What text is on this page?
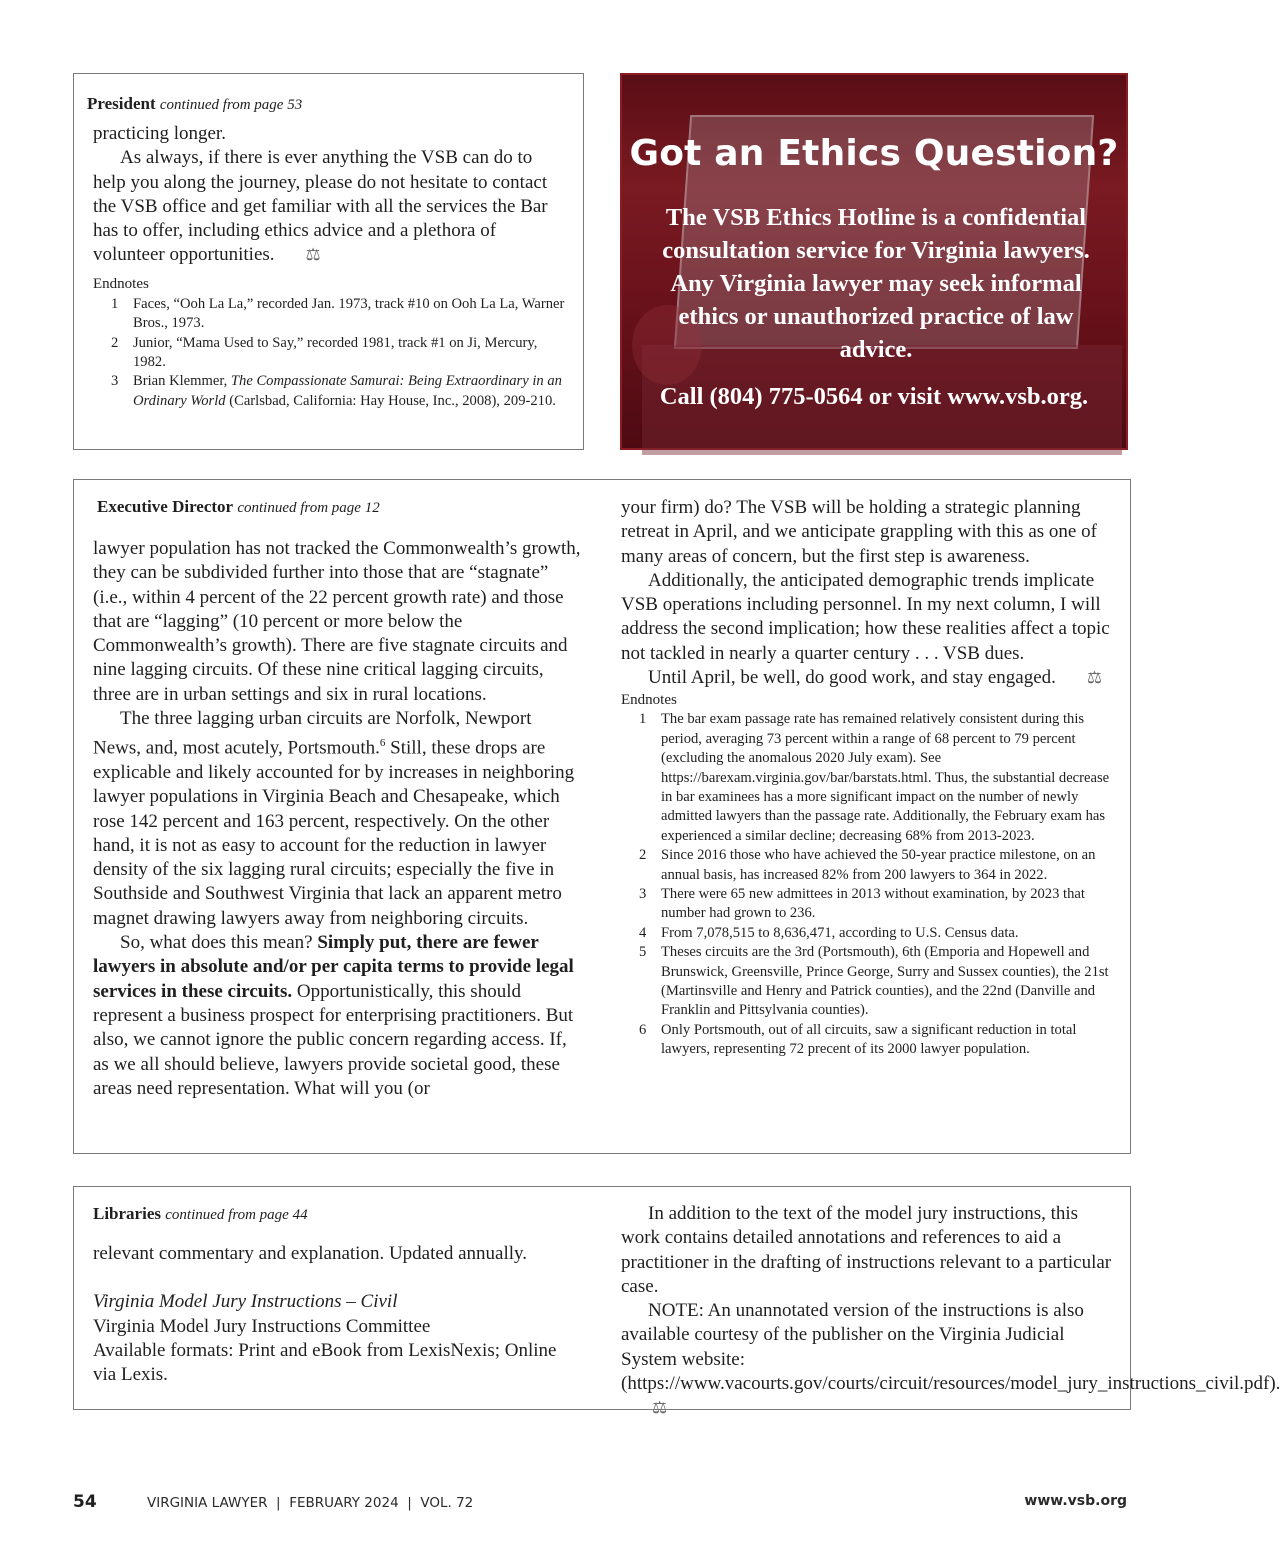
President continued from page 53

practicing longer.

As always, if there is ever anything the VSB can do to help you along the journey, please do not hesitate to contact the VSB office and get familiar with all the services the Bar has to offer, including ethics advice and a plethora of volunteer opportunities. ⚖

Endnotes
1 Faces, “Ooh La La,” recorded Jan. 1973, track #10 on Ooh La La, Warner Bros., 1973.
2 Junior, “Mama Used to Say,” recorded 1981, track #1 on Ji, Mercury, 1982.
3 Brian Klemmer, The Compassionate Samurai: Being Extraordinary in an Ordinary World (Carlsbad, California: Hay House, Inc., 2008), 209-210.
Got an Ethics Question?
The VSB Ethics Hotline is a confidential consultation service for Virginia lawyers. Any Virginia lawyer may seek informal ethics or unauthorized practice of law advice.
Call (804) 775-0564 or visit www.vsb.org.
Executive Director continued from page 12

lawyer population has not tracked the Commonwealth’s growth, they can be subdivided further into those that are “stagnate” (i.e., within 4 percent of the 22 percent growth rate) and those that are “lagging” (10 percent or more below the Commonwealth’s growth). There are five stagnate circuits and nine lagging circuits. Of these nine critical lagging circuits, three are in urban settings and six in rural locations.

The three lagging urban circuits are Norfolk, Newport News, and, most acutely, Portsmouth.$^6$ Still, these drops are explicable and likely accounted for by increases in neighboring lawyer populations in Virginia Beach and Chesapeake, which rose 142 percent and 163 percent, respectively. On the other hand, it is not as easy to account for the reduction in lawyer density of the six lagging rural circuits; especially the five in Southside and Southwest Virginia that lack an apparent metro magnet drawing lawyers away from neighboring circuits.

So, what does this mean? Simply put, there are fewer lawyers in absolute and/or per capita terms to provide legal services in these circuits. Opportunistically, this should represent a business prospect for enterprising practitioners. But also, we cannot ignore the public concern regarding access. If, as we all should believe, lawyers provide societal good, these areas need representation. What will you (or

your firm) do? The VSB will be holding a strategic planning retreat in April, and we anticipate grappling with this as one of many areas of concern, but the first step is awareness.

Additionally, the anticipated demographic trends implicate VSB operations including personnel. In my next column, I will address the second implication; how these realities affect a topic not tackled in nearly a quarter century . . . VSB dues.

Until April, be well, do good work, and stay engaged. ⚖

Endnotes
1 The bar exam passage rate has remained relatively consistent during this period, averaging 73 percent within a range of 68 percent to 79 percent (excluding the anomalous 2020 July exam). See https://barexam.virginia.gov/bar/barstats.html. Thus, the substantial decrease in bar examinees has a more significant impact on the number of newly admitted lawyers than the passage rate. Additionally, the February exam has experienced a similar decline; decreasing 68% from 2013-2023.
2 Since 2016 those who have achieved the 50-year practice milestone, on an annual basis, has increased 82% from 200 lawyers to 364 in 2022.
3 There were 65 new admittees in 2013 without examination, by 2023 that number had grown to 236.
4 From 7,078,515 to 8,636,471, according to U.S. Census data.
5 Theses circuits are the 3rd (Portsmouth), 6th (Emporia and Hopewell and Brunswick, Greensville, Prince George, Surry and Sussex counties), the 21st (Martinsville and Henry and Patrick counties), and the 22nd (Danville and Franklin and Pittsylvania counties).
6 Only Portsmouth, out of all circuits, saw a significant reduction in total lawyers, representing 72 precent of its 2000 lawyer population.
Libraries continued from page 44

relevant commentary and explanation. Updated annually.

Virginia Model Jury Instructions – Civil

Virginia Model Jury Instructions Committee

Available formats: Print and eBook from LexisNexis; Online via Lexis.

In addition to the text of the model jury instructions, this work contains detailed annotations and references to aid a practitioner in the drafting of instructions relevant to a particular case.

NOTE: An unannotated version of the instructions is also available courtesy of the publisher on the Virginia Judicial System website: (https://www.vacourts.gov/courts/circuit/resources/model_jury_instructions_civil.pdf).⚖

54	VIRGINIA LAWYER  |  FEBRUARY 2024  |  VOL. 72	www.vsb.org
